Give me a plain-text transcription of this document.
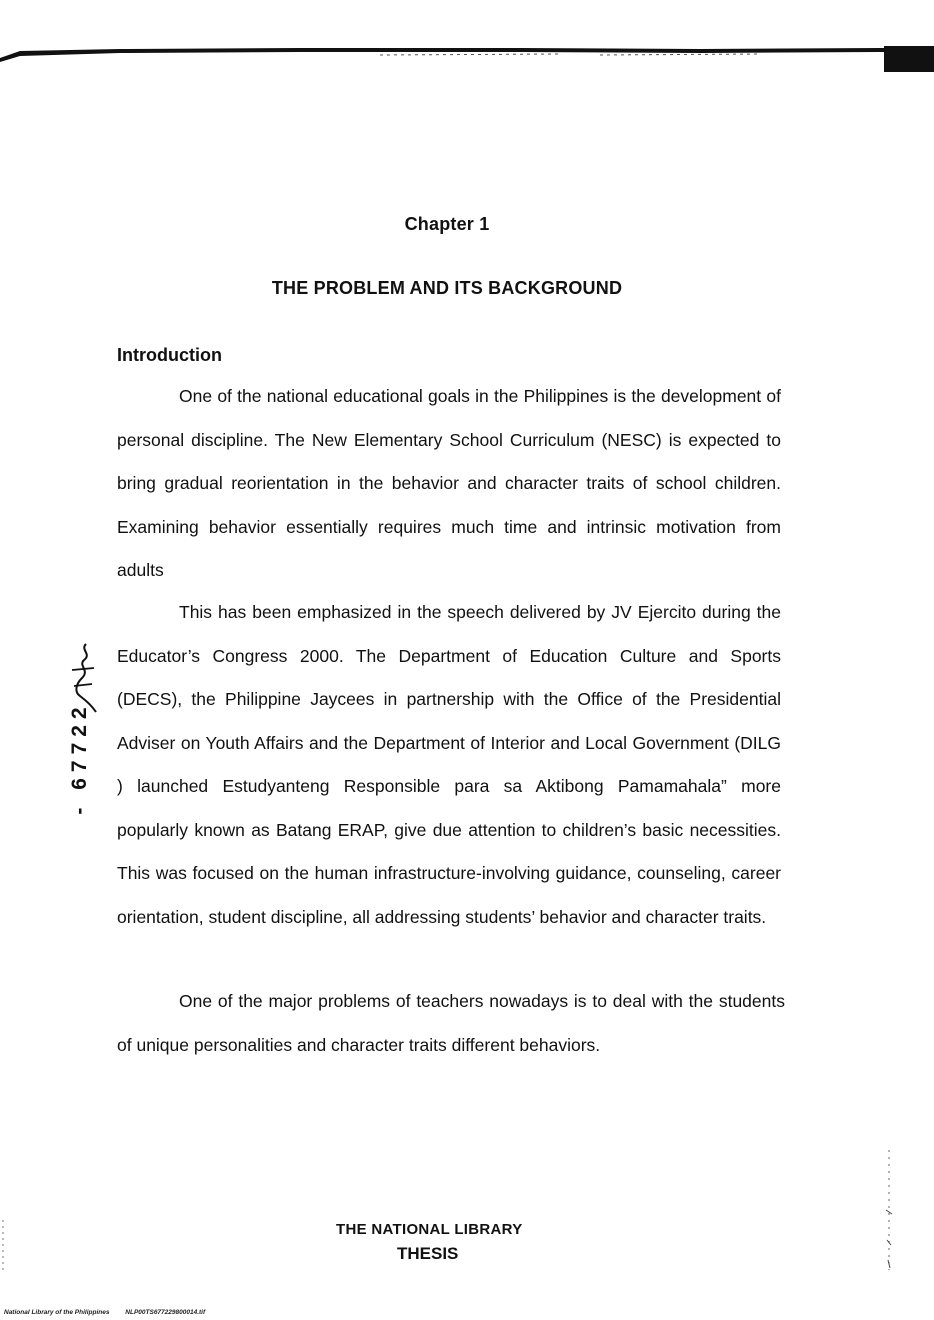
Chapter 1
THE PROBLEM AND ITS BACKGROUND
Introduction

One of the national educational goals in the Philippines is the development of personal discipline. The New Elementary School Curriculum (NESC) is expected to bring gradual reorientation in the behavior and character traits of school children. Examining behavior essentially requires much time and intrinsic motivation from adults

This has been emphasized in the speech delivered by JV Ejercito during the Educator’s Congress 2000. The Department of Education Culture and Sports (DECS), the Philippine Jaycees in partnership with the Office of the Presidential Adviser on Youth Affairs and the Department of Interior and Local Government (DILG ) launched Estudyanteng Responsible para sa Aktibong Pamamahala” more popularly known as Batang ERAP, give due attention to children’s basic necessities. This was focused on the human infrastructure-involving guidance, counseling, career orientation, student discipline, all addressing students’ behavior and character traits.

One of the major problems of teachers nowadays is to deal with the students of unique personalities and character traits different behaviors.

- 67722
THE NATIONAL LIBRARY
THESIS
National Library of the Philippines NLP00TS677229800014.tif
